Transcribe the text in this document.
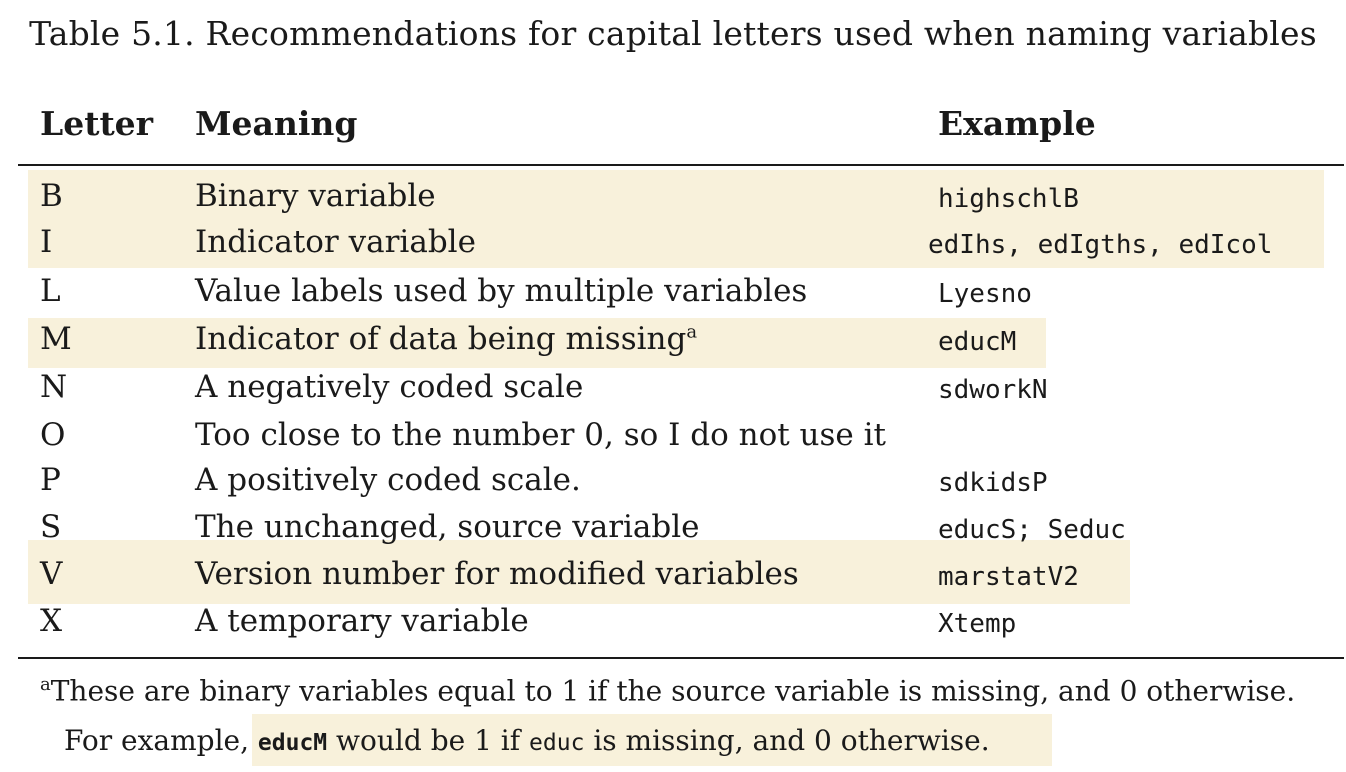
Table 5.1. Recommendations for capital letters used when naming variables
Letter Meaning	Example
B	Binary variable	highschlB
I	Indicator variable	edIhs, edIgths, edIcol
L	Value labels used by multiple variables	Lyesno
M	Indicator of data being missing$^a$	educM
N	A negatively coded scale	sdworkN
O	Too close to the number 0, so I do not use it
P	A positively coded scale.	sdkidsP
S	The unchanged, source variable	educS; Seduc
V	Version number for modified variables	marstatV2
X	A temporary variable	Xtemp
$^a$These are binary variables equal to 1 if the source variable is missing, and 0 otherwise.
For example, educM would be 1 if educ is missing, and 0 otherwise.
